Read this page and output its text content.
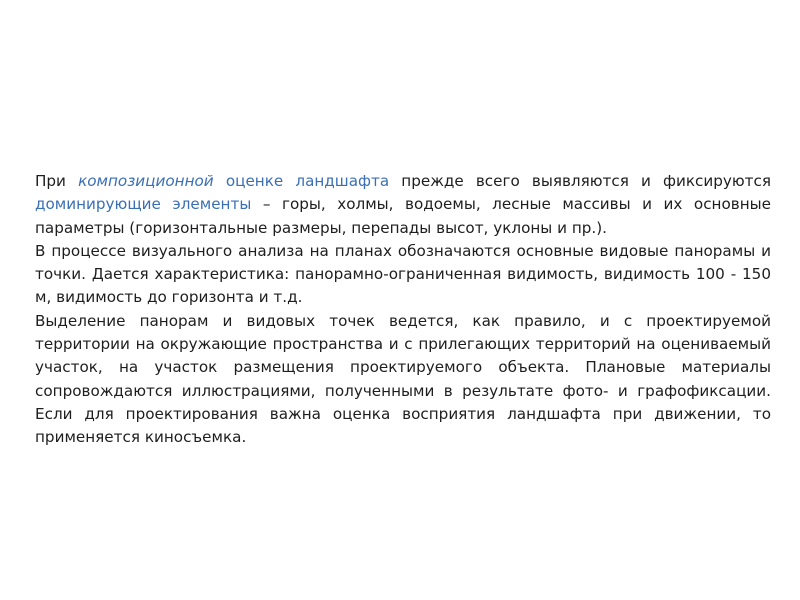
При композиционной оценке ландшафта прежде всего выявляются и фиксируются доминирующие элементы – горы, холмы, водоемы, лесные массивы и их основные параметры (горизонтальные размеры, перепады высот, уклоны и пр.).

В процессе визуального анализа на планах обозначаются основные видовые панорамы и точки. Дается характеристика: панорамно-ограниченная видимость, видимость 100 - 150 м, видимость до горизонта и т.д.

Выделение панорам и видовых точек ведется, как правило, и с проектируемой территории на окружающие пространства и с прилегающих территорий на оцениваемый участок, на участок размещения проектируемого объекта. Плановые материалы сопровождаются иллюстрациями, полученными в результате фото- и графофиксации. Если для проектирования важна оценка восприятия ландшафта при движении, то применяется киносъемка.
